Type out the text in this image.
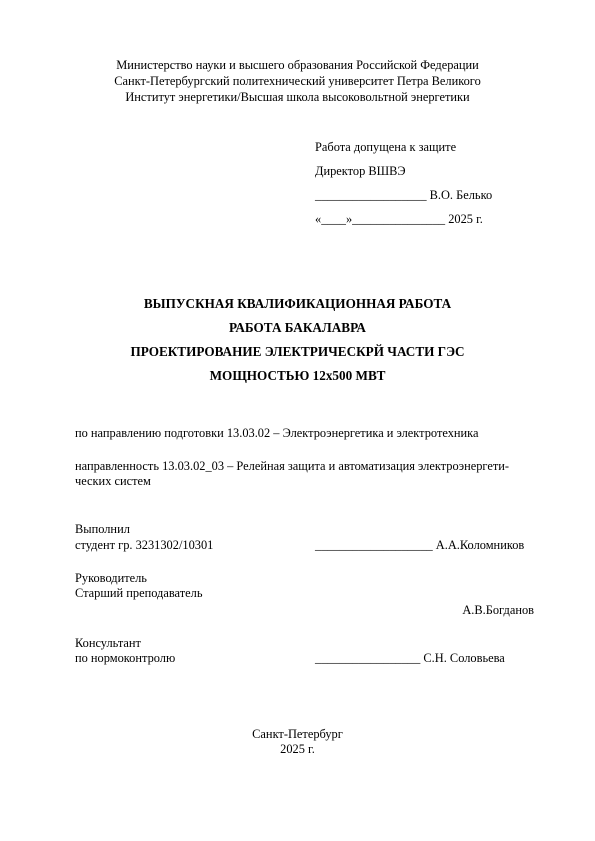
Министерство науки и высшего образования Российской Федерации
Санкт-Петербургский политехнический университет Петра Великого
Институт энергетики/Высшая школа высоковольтной энергетики
Работа допущена к защите
Директор ВШВЭ
__________________ В.О. Белько
«____»_______________ 2025 г.
ВЫПУСКНАЯ КВАЛИФИКАЦИОННАЯ РАБОТА
РАБОТА БАКАЛАВРА
ПРОЕКТИРОВАНИЕ ЭЛЕКТРИЧЕСКРЙ ЧАСТИ ГЭС
МОЩНОСТЬЮ 12x500 МВТ
по направлению подготовки 13.03.02 – Электроэнергетика и электротехника
направленность 13.03.02_03 – Релейная защита и автоматизация электроэнергети-
ческих систем
Выполнил
студент гр. 3231302/10301	___________________ А.А.Коломников
Руководитель
Старший преподаватель
А.В.Богданов
Консультант
по нормоконтролю	_________________ С.Н. Соловьева
Санкт-Петербург
2025 г.
